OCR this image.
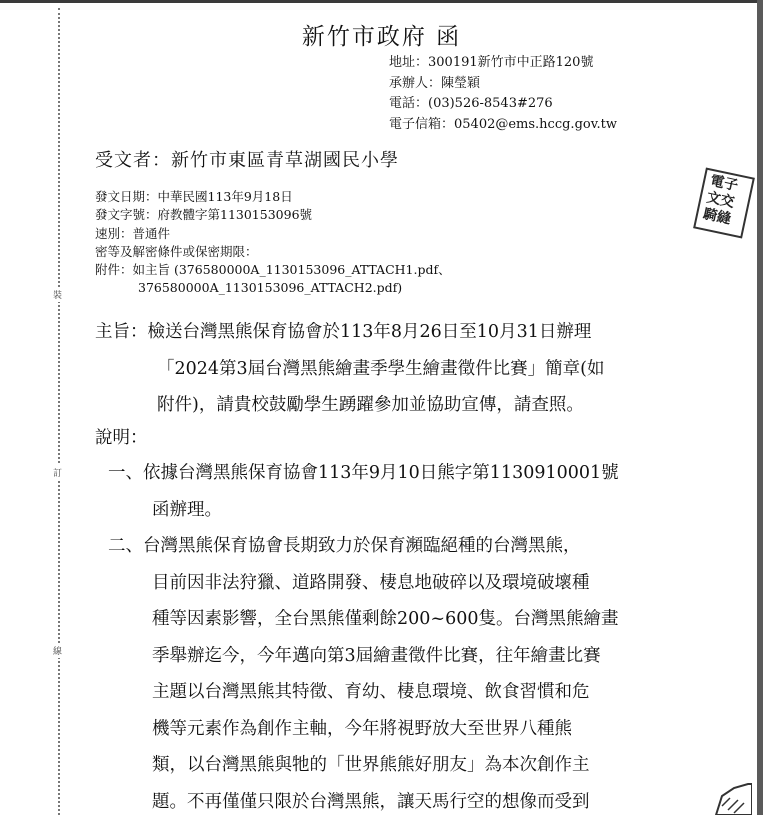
裝
訂
線
新竹市政府 函
地址：300191新竹市中正路120號
承辦人：陳瑩穎
電話：(03)526-8543#276
電子信箱：05402@ems.hccg.gov.tw
受文者：新竹市東區青草湖國民小學
發文日期：中華民國113年9月18日
發文字號：府教體字第1130153096號
速別：普通件
密等及解密條件或保密期限：
附件：如主旨 (376580000A_1130153096_ATTACH1.pdf、
376580000A_1130153096_ATTACH2.pdf)
主旨：檢送台灣黑熊保育協會於113年8月26日至10月31日辦理
「2024第3屆台灣黑熊繪畫季學生繪畫徵件比賽」簡章(如
附件)，請貴校鼓勵學生踴躍參加並協助宣傳，請查照。
說明：
一、依據台灣黑熊保育協會113年9月10日熊字第1130910001號
函辦理。
二、台灣黑熊保育協會長期致力於保育瀕臨絕種的台灣黑熊，
目前因非法狩獵、道路開發、棲息地破碎以及環境破壞種
種等因素影響，全台黑熊僅剩餘200~600隻。台灣黑熊繪畫
季舉辦迄今，今年邁向第3屆繪畫徵件比賽，往年繪畫比賽
主題以台灣黑熊其特徵、育幼、棲息環境、飲食習慣和危
機等元素作為創作主軸，今年將視野放大至世界八種熊
類，以台灣黑熊與牠的「世界熊熊好朋友」為本次創作主
題。不再僅僅只限於台灣黑熊，讓天馬行空的想像而受到
電子
文交
騎縫
